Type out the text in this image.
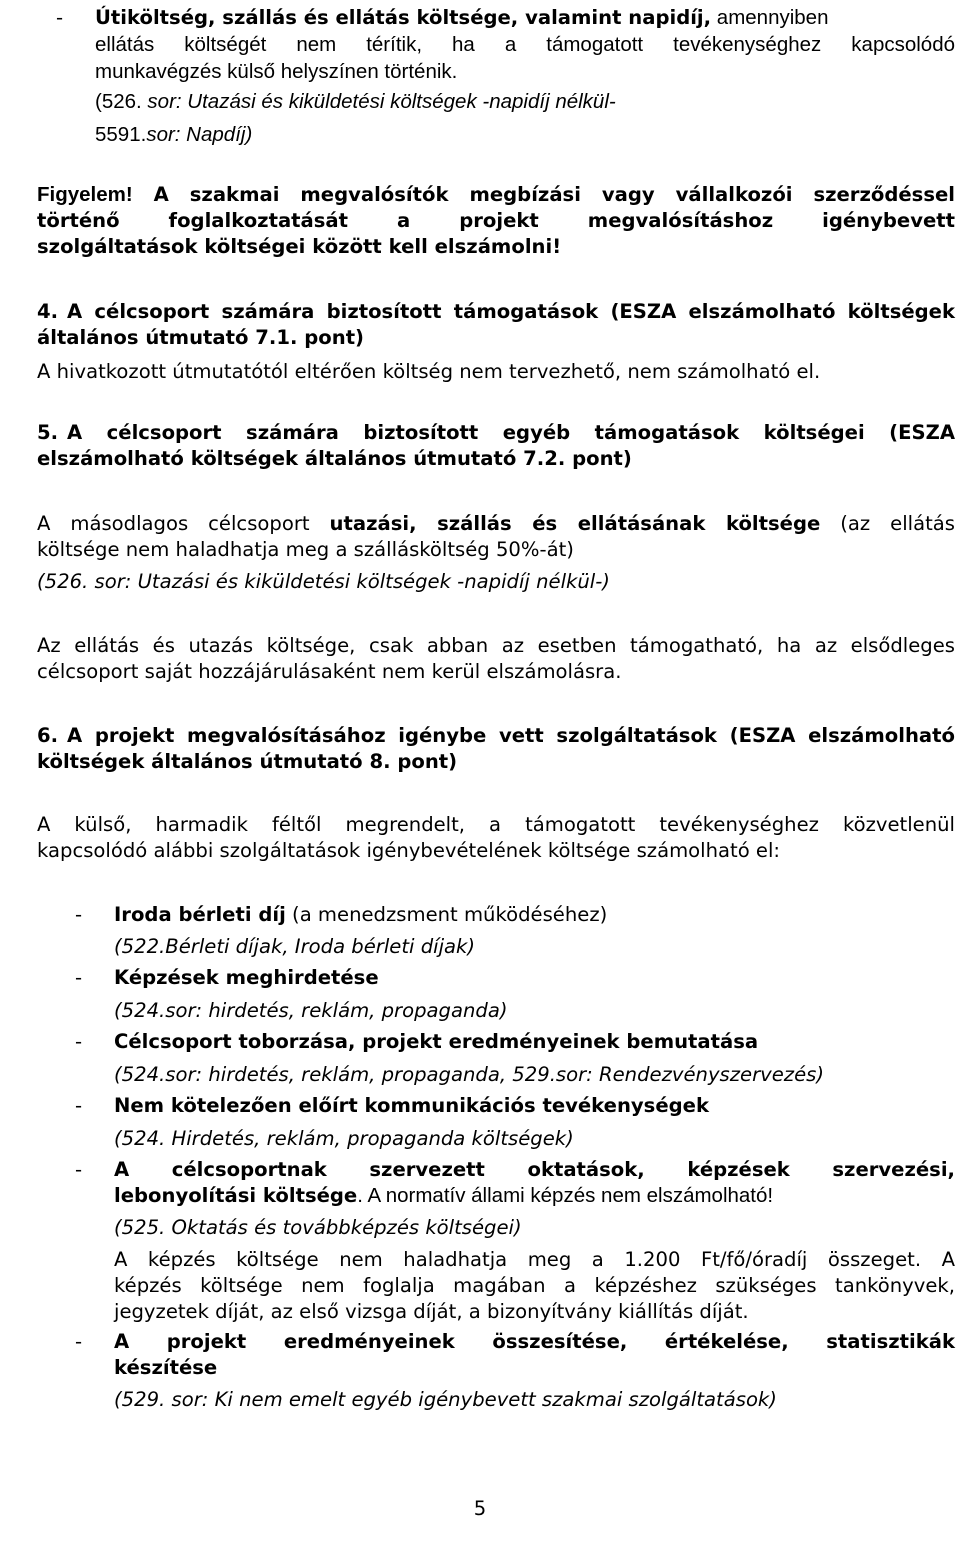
- Útiköltség, szállás és ellátás költsége, valamint napidíj, amennyiben
ellátás költségét nem térítik, ha a támogatott tevékenységhez kapcsolódó
munkavégzés külső helyszínen történik.
(526. sor: Utazási és kiküldetési költségek -napidíj nélkül-
5591.sor: Napdíj)
Figyelem! A szakmai megvalósítók megbízási vagy vállalkozói szerződéssel
történő foglalkoztatását a projekt megvalósításhoz igénybevett
szolgáltatások költségei között kell elszámolni!
4. A célcsoport számára biztosított támogatások (ESZA elszámolható költségek
általános útmutató 7.1. pont)
A hivatkozott útmutatótól eltérően költség nem tervezhető, nem számolható el.
5. A célcsoport számára biztosított egyéb támogatások költségei (ESZA
elszámolható költségek általános útmutató 7.2. pont)
A másodlagos célcsoport utazási, szállás és ellátásának költsége (az ellátás
költsége nem haladhatja meg a szállásköltség 50%-át)
(526. sor: Utazási és kiküldetési költségek -napidíj nélkül-)
Az ellátás és utazás költsége, csak abban az esetben támogatható, ha az elsődleges
célcsoport saját hozzájárulásaként nem kerül elszámolásra.
6. A projekt megvalósításához igénybe vett szolgáltatások (ESZA elszámolható
költségek általános útmutató 8. pont)
A külső, harmadik féltől megrendelt, a támogatott tevékenységhez közvetlenül
kapcsolódó alábbi szolgáltatások igénybevételének költsége számolható el:
- Iroda bérleti díj (a menedzsment működéséhez)
(522.Bérleti díjak, Iroda bérleti díjak)
- Képzések meghirdetése
(524.sor: hirdetés, reklám, propaganda)
- Célcsoport toborzása, projekt eredményeinek bemutatása
(524.sor: hirdetés, reklám, propaganda, 529.sor: Rendezvényszervezés)
- Nem kötelezően előírt kommunikációs tevékenységek
(524. Hirdetés, reklám, propaganda költségek)
- A célcsoportnak szervezett oktatások, képzések szervezési,
lebonyolítási költsége. A normatív állami képzés nem elszámolható!
(525. Oktatás és továbbképzés költségei)
A képzés költsége nem haladhatja meg a 1.200 Ft/fő/óradíj összeget. A
képzés költsége nem foglalja magában a képzéshez szükséges tankönyvek,
jegyzetek díját, az első vizsga díját, a bizonyítvány kiállítás díját.
- A projekt eredményeinek összesítése, értékelése, statisztikák
készítése
(529. sor: Ki nem emelt egyéb igénybevett szakmai szolgáltatások)
5
